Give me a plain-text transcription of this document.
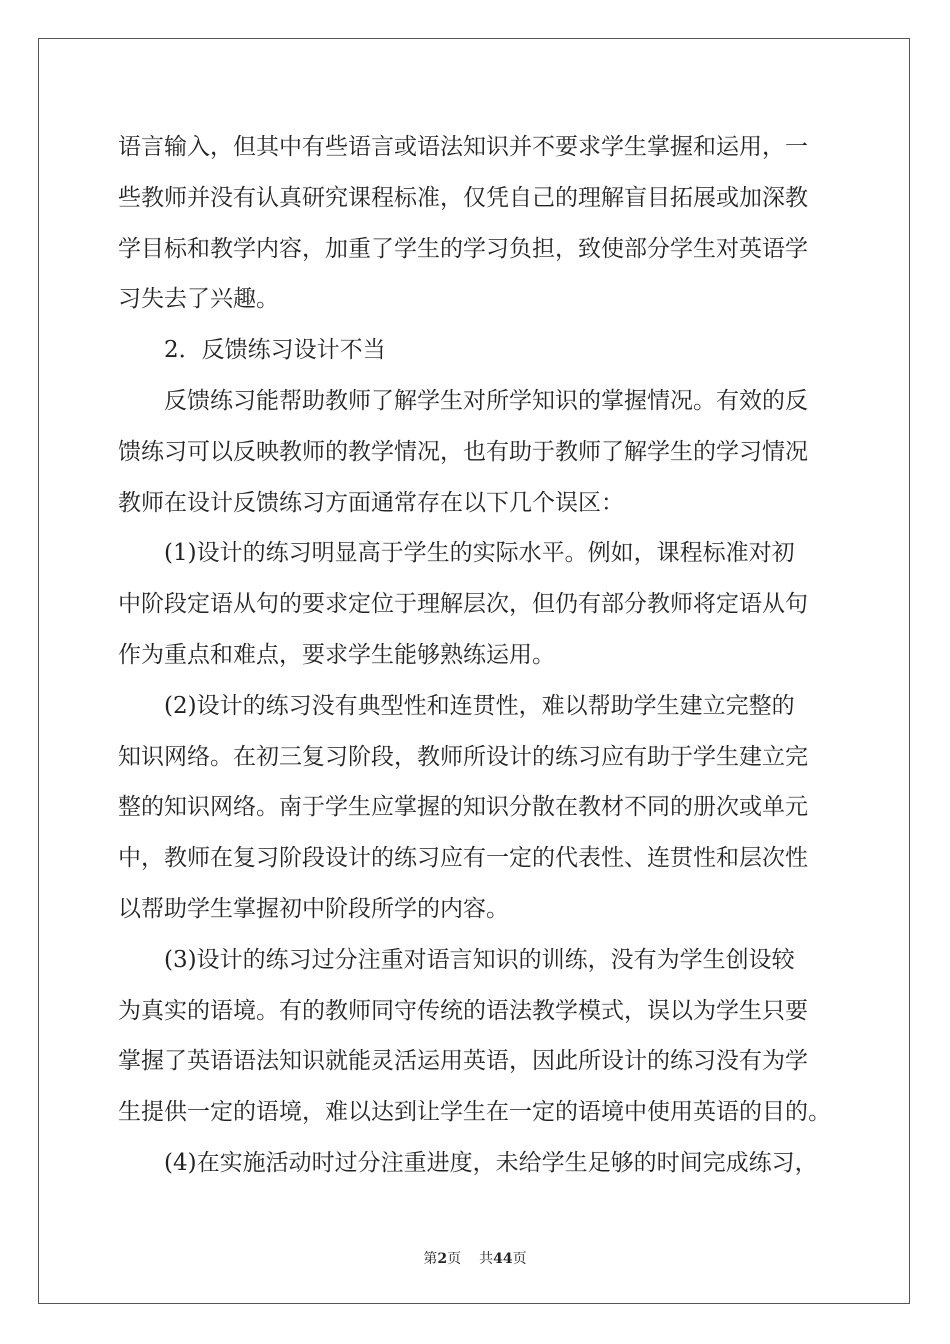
语言输入，但其中有些语言或语法知识并不要求学生掌握和运用，一
些教师并没有认真研究课程标准，仅凭自己的理解盲目拓展或加深教
学目标和教学内容，加重了学生的学习负担，致使部分学生对英语学
习失去了兴趣。
2．反馈练习设计不当
反馈练习能帮助教师了解学生对所学知识的掌握情况。有效的反
馈练习可以反映教师的教学情况，也有助于教师了解学生的学习情况
教师在设计反馈练习方面通常存在以下几个误区：
(1)设计的练习明显高于学生的实际水平。例如，课程标准对初
中阶段定语从句的要求定位于理解层次，但仍有部分教师将定语从句
作为重点和难点，要求学生能够熟练运用。
(2)设计的练习没有典型性和连贯性，难以帮助学生建立完整的
知识网络。在初三复习阶段，教师所设计的练习应有助于学生建立完
整的知识网络。南于学生应掌握的知识分散在教材不同的册次或单元
中，教师在复习阶段设计的练习应有一定的代表性、连贯性和层次性
以帮助学生掌握初中阶段所学的内容。
(3)设计的练习过分注重对语言知识的训练，没有为学生创设较
为真实的语境。有的教师同守传统的语法教学模式，误以为学生只要
掌握了英语语法知识就能灵活运用英语，因此所设计的练习没有为学
生提供一定的语境，难以达到让学生在一定的语境中使用英语的目的。
(4)在实施活动时过分注重进度，未给学生足够的时间完成练习，
第2页 共44页
